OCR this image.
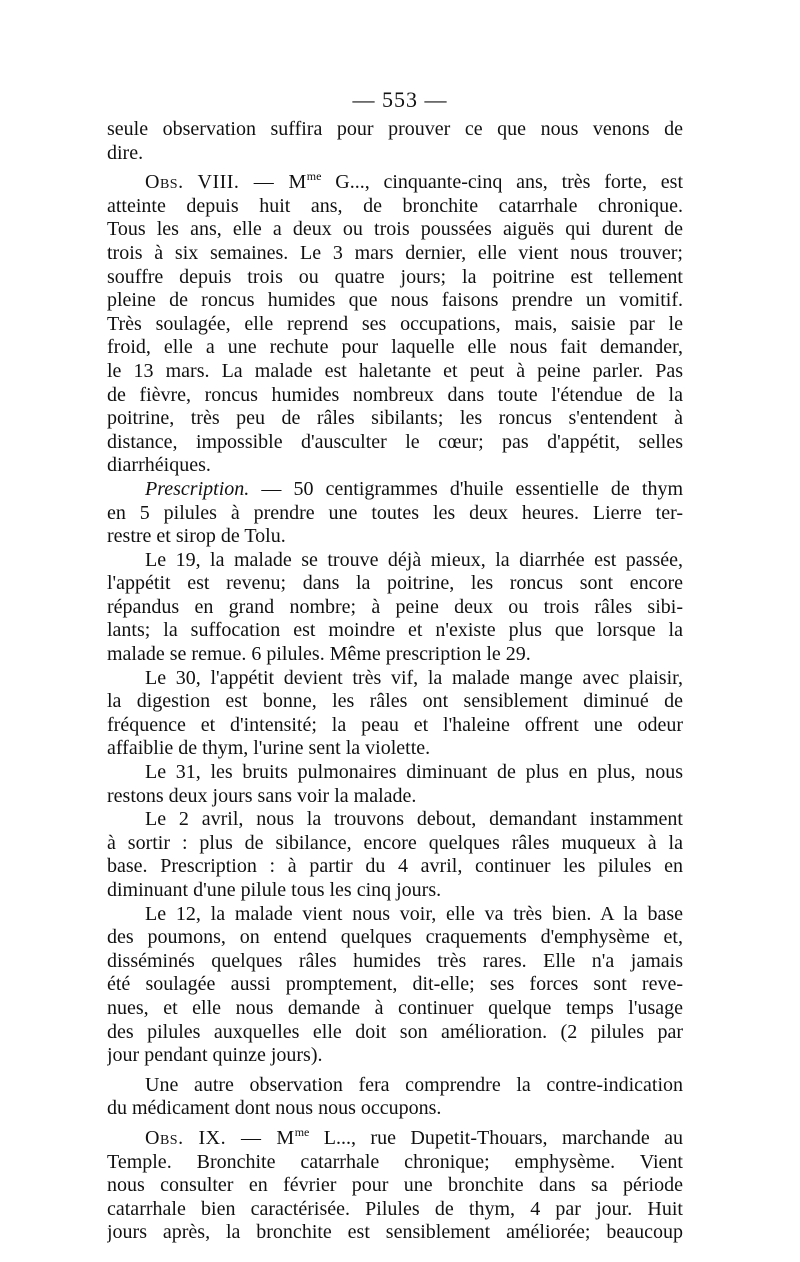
— 553 —
seule observation suffira pour prouver ce que nous venons de
dire.
Obs. VIII. — $M^{me}$ G..., cinquante-cinq ans, très forte, est
atteinte depuis huit ans, de bronchite catarrhale chronique.
Tous les ans, elle a deux ou trois poussées aiguës qui durent de
trois à six semaines. Le 3 mars dernier, elle vient nous trouver;
souffre depuis trois ou quatre jours; la poitrine est tellement
pleine de roncus humides que nous faisons prendre un vomitif.
Très soulagée, elle reprend ses occupations, mais, saisie par le
froid, elle a une rechute pour laquelle elle nous fait demander,
le 13 mars. La malade est haletante et peut à peine parler. Pas
de fièvre, roncus humides nombreux dans toute l'étendue de la
poitrine, très peu de râles sibilants; les roncus s'entendent à
distance, impossible d'ausculter le cœur; pas d'appétit, selles
diarrhéiques.
Prescription. — 50 centigrammes d'huile essentielle de thym
en 5 pilules à prendre une toutes les deux heures. Lierre ter-
restre et sirop de Tolu.
Le 19, la malade se trouve déjà mieux, la diarrhée est passée,
l'appétit est revenu; dans la poitrine, les roncus sont encore
répandus en grand nombre; à peine deux ou trois râles sibi-
lants; la suffocation est moindre et n'existe plus que lorsque la
malade se remue. 6 pilules. Même prescription le 29.
Le 30, l'appétit devient très vif, la malade mange avec plaisir,
la digestion est bonne, les râles ont sensiblement diminué de
fréquence et d'intensité; la peau et l'haleine offrent une odeur
affaiblie de thym, l'urine sent la violette.
Le 31, les bruits pulmonaires diminuant de plus en plus, nous
restons deux jours sans voir la malade.
Le 2 avril, nous la trouvons debout, demandant instamment
à sortir : plus de sibilance, encore quelques râles muqueux à la
base. Prescription : à partir du 4 avril, continuer les pilules en
diminuant d'une pilule tous les cinq jours.
Le 12, la malade vient nous voir, elle va très bien. A la base
des poumons, on entend quelques craquements d'emphysème et,
disséminés quelques râles humides très rares. Elle n'a jamais
été soulagée aussi promptement, dit-elle; ses forces sont reve-
nues, et elle nous demande à continuer quelque temps l'usage
des pilules auxquelles elle doit son amélioration. (2 pilules par
jour pendant quinze jours).
Une autre observation fera comprendre la contre-indication
du médicament dont nous nous occupons.
Obs. IX. — $M^{me}$ L..., rue Dupetit-Thouars, marchande au
Temple. Bronchite catarrhale chronique; emphysème. Vient
nous consulter en février pour une bronchite dans sa période
catarrhale bien caractérisée. Pilules de thym, 4 par jour. Huit
jours après, la bronchite est sensiblement améliorée; beaucoup
